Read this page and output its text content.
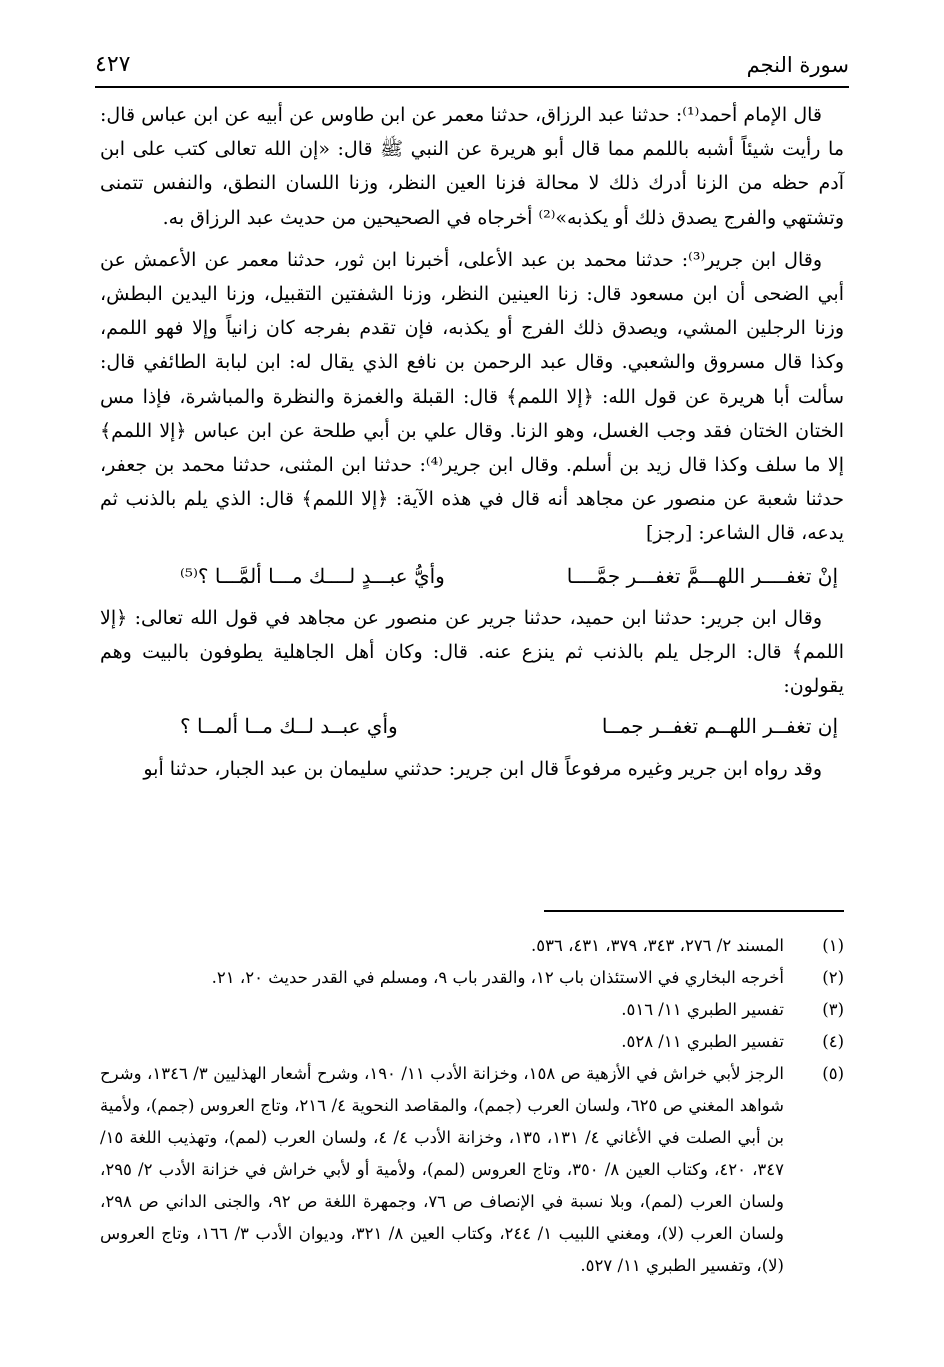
سورة النجم
٤٢٧

قال الإمام أحمد⁽¹⁾: حدثنا عبد الرزاق، حدثنا معمر عن ابن طاوس عن أبيه عن ابن عباس قال: ما رأيت شيئاً أشبه باللمم مما قال أبو هريرة عن النبي ﷺ قال: «إن الله تعالى كتب على ابن آدم حظه من الزنا أدرك ذلك لا محالة فزنا العين النظر، وزنا اللسان النطق، والنفس تتمنى وتشتهي والفرج يصدق ذلك أو يكذبه»⁽²⁾ أخرجاه في الصحيحين من حديث عبد الرزاق به.

وقال ابن جرير⁽³⁾: حدثنا محمد بن عبد الأعلى، أخبرنا ابن ثور، حدثنا معمر عن الأعمش عن أبي الضحى أن ابن مسعود قال: زنا العينين النظر، وزنا الشفتين التقبيل، وزنا اليدين البطش، وزنا الرجلين المشي، ويصدق ذلك الفرج أو يكذبه، فإن تقدم بفرجه كان زانياً وإلا فهو اللمم، وكذا قال مسروق والشعبي. وقال عبد الرحمن بن نافع الذي يقال له: ابن لبابة الطائفي قال: سألت أبا هريرة عن قول الله: ﴿إلا اللمم﴾ قال: القبلة والغمزة والنظرة والمباشرة، فإذا مس الختان الختان فقد وجب الغسل، وهو الزنا. وقال علي بن أبي طلحة عن ابن عباس ﴿إلا اللمم﴾ إلا ما سلف وكذا قال زيد بن أسلم. وقال ابن جرير⁽⁴⁾: حدثنا ابن المثنى، حدثنا محمد بن جعفر، حدثنا شعبة عن منصور عن مجاهد أنه قال في هذه الآية: ﴿إلا اللمم﴾ قال: الذي يلم بالذنب ثم يدعه، قال الشاعر: [رجز]

إنْ تغفــــر اللهـــمَّ تغفـــر جمَّــــا
وأيُّ عبـــدٍ لــــك مـــا ألمَّـــا ؟⁽⁵⁾

وقال ابن جرير: حدثنا ابن حميد، حدثنا جرير عن منصور عن مجاهد في قول الله تعالى: ﴿إلا اللمم﴾ قال: الرجل يلم بالذنب ثم ينزع عنه. قال: وكان أهل الجاهلية يطوفون بالبيت وهم يقولون:

إن تغفــر اللهــم تغفــر جمــا
وأي عبــد لــك مــا ألمــا ؟

وقد رواه ابن جرير وغيره مرفوعاً قال ابن جرير: حدثني سليمان بن عبد الجبار، حدثنا أبو

(١)
المسند ٢/ ٢٧٦، ٣٤٣، ٣٧٩، ٤٣١، ٥٣٦.
(٢)
أخرجه البخاري في الاستئذان باب ١٢، والقدر باب ٩، ومسلم في القدر حديث ٢٠، ٢١.
(٣)
تفسير الطبري ١١/ ٥١٦.
(٤)
تفسير الطبري ١١/ ٥٢٨.
(٥)
الرجز لأبي خراش في الأزهية ص ١٥٨، وخزانة الأدب ١١/ ١٩٠، وشرح أشعار الهذليين ٣/ ١٣٤٦، وشرح شواهد المغني ص ٦٢٥، ولسان العرب (جمم)، والمقاصد النحوية ٤/ ٢١٦، وتاج العروس (جمم)، ولأمية بن أبي الصلت في الأغاني ٤/ ١٣١، ١٣٥، وخزانة الأدب ٤/ ٤، ولسان العرب (لمم)، وتهذيب اللغة ١٥/ ٣٤٧، ٤٢٠، وكتاب العين ٨/ ٣٥٠، وتاج العروس (لمم)، ولأمية أو لأبي خراش في خزانة الأدب ٢/ ٢٩٥، ولسان العرب (لمم)، وبلا نسبة في الإنصاف ص ٧٦، وجمهرة اللغة ص ٩٢، والجنى الداني ص ٢٩٨، ولسان العرب (لا)، ومغني اللبيب ١/ ٢٤٤، وكتاب العين ٨/ ٣٢١، وديوان الأدب ٣/ ١٦٦، وتاج العروس (لا)، وتفسير الطبري ١١/ ٥٢٧.
